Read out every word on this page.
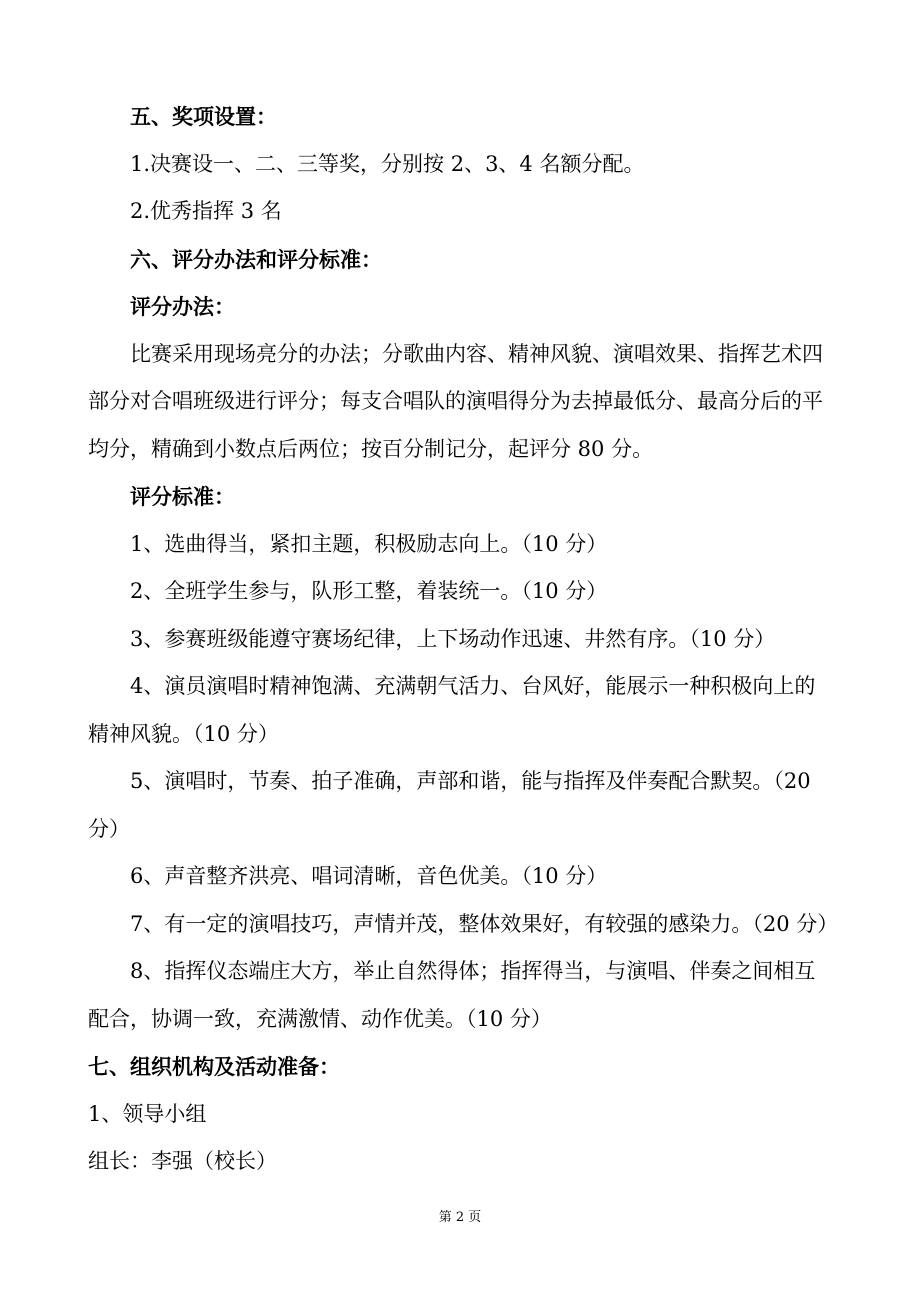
五、奖项设置：

1.决赛设一、二、三等奖，分别按 2、3、4 名额分配。

2.优秀指挥 3 名

六、评分办法和评分标准：

评分办法：

比赛采用现场亮分的办法；分歌曲内容、精神风貌、演唱效果、指挥艺术四部分对合唱班级进行评分；每支合唱队的演唱得分为去掉最低分、最高分后的平均分，精确到小数点后两位；按百分制记分，起评分 80 分。

评分标准：

1、选曲得当，紧扣主题，积极励志向上。（10 分）

2、全班学生参与，队形工整，着装统一。（10 分）

3、参赛班级能遵守赛场纪律，上下场动作迅速、井然有序。（10 分）

4、演员演唱时精神饱满、充满朝气活力、台风好，能展示一种积极向上的精神风貌。（10 分）

5、演唱时，节奏、拍子准确，声部和谐，能与指挥及伴奏配合默契。（20 分）

6、声音整齐洪亮、唱词清晰，音色优美。（10 分）

7、有一定的演唱技巧，声情并茂，整体效果好，有较强的感染力。（20 分）

8、指挥仪态端庄大方，举止自然得体；指挥得当，与演唱、伴奏之间相互配合，协调一致，充满激情、动作优美。（10 分）

七、组织机构及活动准备：

1、领导小组

组长：李强（校长）

第 2 页
